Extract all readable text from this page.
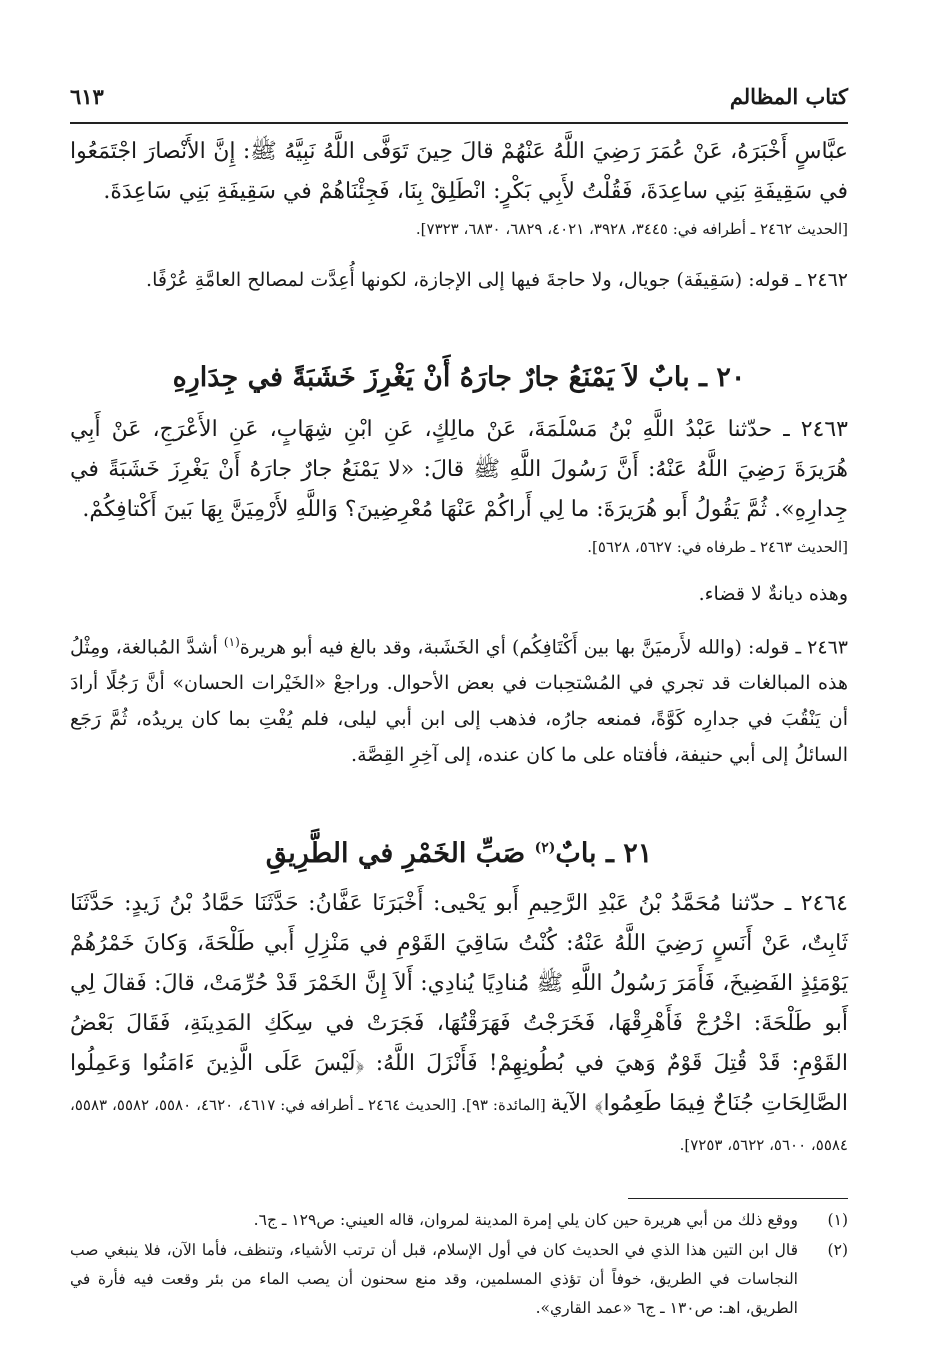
كتاب المظالم
٦١٣
عبَّاسٍ أَخْبَرَهُ، عَنْ عُمَرَ رَضِيَ اللَّهُ عَنْهُمْ قالَ حِينَ تَوَفَّى اللَّهُ نَبِيَّهُ ﷺ: إِنَّ الأَنْصارَ اجْتَمَعُوا في سَقِيفَةِ بَنِي ساعِدَةَ، فَقُلْتُ لأَبِي بَكْرٍ: انْطَلِقْ بِنَا، فَجِئْنَاهُمْ في سَقِيفَةِ بَنِي سَاعِدَةَ.
[الحديث ٢٤٦٢ ـ أطرافه في: ٣٤٤٥، ٣٩٢٨، ٤٠٢١، ٦٨٢٩، ٦٨٣٠، ٧٣٢٣].
٢٤٦٢ ـ قوله: (سَقِيفَة) جويال، ولا حاجةَ فيها إلى الإجازة، لكونها أُعِدَّت لمصالح العامَّةِ عُرْفًا.
٢٠ ـ بابٌ لاَ يَمْنَعُ جارٌ جارَهُ أَنْ يَغْرِزَ خَشَبَةً في جِدَارِهِ
٢٤٦٣ ـ حدّثنا عَبْدُ اللَّهِ بْنُ مَسْلَمَةَ، عَنْ مالِكٍ، عَنِ ابْنِ شِهَابٍ، عَنِ الأَعْرَجِ، عَنْ أَبِي هُرَيرَةَ رَضِيَ اللَّهُ عَنْهُ: أَنَّ رَسُولَ اللَّهِ ﷺ قالَ: «لا يَمْنَعُ جارٌ جارَهُ أَنْ يَغْرِزَ خَشَبَةً في جِدارِهِ». ثُمَّ يَقُولُ أَبو هُرَيرَةَ: ما لِي أَراكُمْ عَنْهَا مُعْرِضِينَ؟ وَاللَّهِ لأَرْمِيَنَّ بِهَا بَينَ أَكْتافِكُمْ.
[الحديث ٢٤٦٣ ـ طرفاه في: ٥٦٢٧، ٥٦٢٨].
وهذه ديانةٌ لا قضاء.
٢٤٦٣ ـ قوله: (والله لأَرميَنَّ بها بين أَكْتَافِكُم) أي الخَشَبة، وقد بالغ فيه أبو هريرة$^{(١)}$ أشدَّ المُبالغة، ومِثْلُ هذه المبالغات قد تجري في المُسْتحِبات في بعض الأحوال. وراجعْ «الخَيْرات الحسان» أنَّ رَجُلًا أرادَ أن يَنْقُبَ في جدارِه كَوَّةً، فمنعه جارُه، فذهب إلى ابن أبي ليلى، فلم يُفْتِ بما كان يريدُه، ثُمَّ رَجَع السائلُ إلى أبي حنيفة، فأفتاه على ما كان عنده، إلى آخِرِ القِصَّة.
٢١ ـ بابٌ$^{(٢)}$ صَبِّ الخَمْرِ في الطَّرِيقِ
٢٤٦٤ ـ حدّثنا مُحَمَّدُ بْنُ عَبْدِ الرَّحِيمِ أَبو يَحْيى: أَخْبَرَنَا عَفَّانُ: حَدَّثَنَا حَمَّادُ بْنُ زَيدٍ: حَدَّثَنَا ثَابِتٌ، عَنْ أَنَسٍ رَضِيَ اللَّهُ عَنْهُ: كُنْتُ سَاقِيَ القَوْمِ في مَنْزِلِ أَبي طَلْحَةَ، وَكانَ خَمْرُهُمْ يَوْمَئِذٍ الفَضِيخَ، فَأَمَرَ رَسُولُ اللَّهِ ﷺ مُنادِيًا يُنادِي: أَلاَ إِنَّ الخَمْرَ قَدْ حُرِّمَتْ، قالَ: فَقالَ لِي أَبو طَلْحَةَ: اخْرُجْ فَأَهْرِقْهَا، فَخَرَجْتُ فَهَرَقْتُهَا، فَجَرَتْ في سِكَكِ المَدِينَةِ، فَقَالَ بَعْضُ القَوْمِ: قَدْ قُتِلَ قَوْمٌ وَهيَ في بُطُونِهِمْ! فَأَنْزَلَ اللَّهُ: ﴿لَيْسَ عَلَى الَّذِينَ ءَامَنُوا وَعَمِلُوا الصَّالِحَاتِ جُنَاحٌ فِيمَا طَعِمُوا﴾ الآية [المائدة: ٩٣]. [الحديث ٢٤٦٤ ـ أطرافه في: ٤٦١٧، ٤٦٢٠، ٥٥٨٠، ٥٥٨٢، ٥٥٨٣، ٥٥٨٤، ٥٦٠٠، ٥٦٢٢، ٧٢٥٣].
(١)
ووقع ذلك من أبي هريرة حين كان يلي إمرة المدينة لمروان، قاله العيني: ص١٢٩ ـ ج٦.
(٢)
قال ابن التين هذا الذي في الحديث كان في أول الإسلام، قبل أن ترتب الأشياء، وتنظف، فأما الآن، فلا ينبغي صب النجاسات في الطريق، خوفاً أن تؤذي المسلمين، وقد منع سحنون أن يصب الماء من بئر وقعت فيه فأرة في الطريق، اهـ: ص١٣٠ ـ ج٦ «عمد القاري».
